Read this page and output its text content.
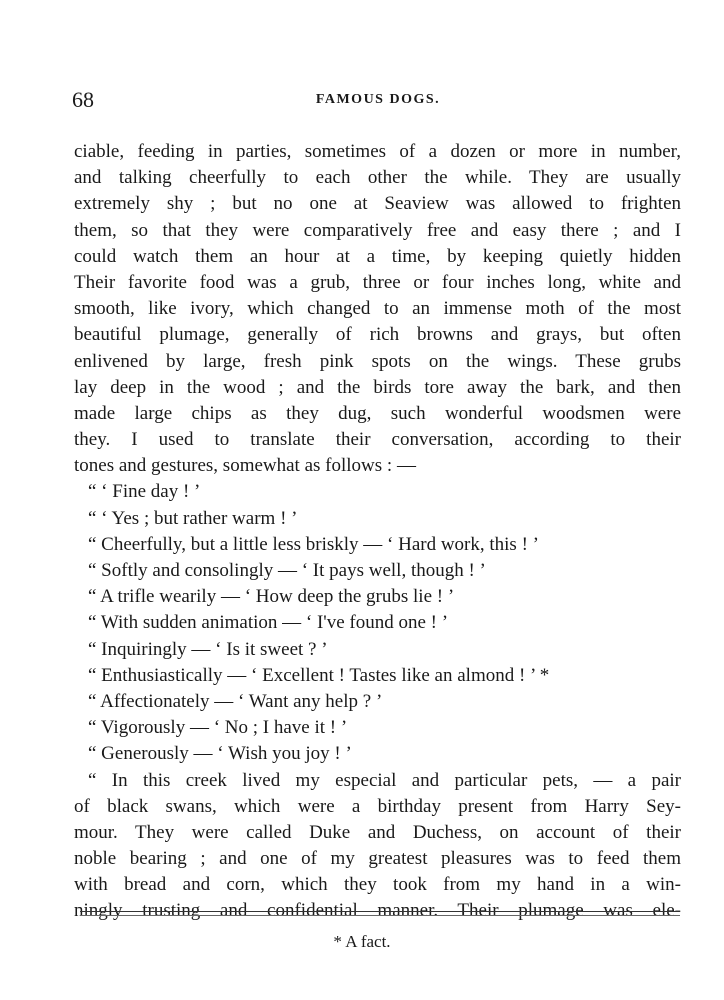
68	FAMOUS DOGS.
ciable, feeding in parties, sometimes of a dozen or more in number,
and talking cheerfully to each other the while. They are usually
extremely shy ; but no one at Seaview was allowed to frighten
them, so that they were comparatively free and easy there ; and I
could watch them an hour at a time, by keeping quietly hidden
Their favorite food was a grub, three or four inches long, white and
smooth, like ivory, which changed to an immense moth of the most
beautiful plumage, generally of rich browns and grays, but often
enlivened by large, fresh pink spots on the wings. These grubs
lay deep in the wood ; and the birds tore away the bark, and then
made large chips as they dug, such wonderful woodsmen were
they. I used to translate their conversation, according to their
tones and gestures, somewhat as follows : —
“ ‘ Fine day ! ’
“ ‘ Yes ; but rather warm ! ’
“ Cheerfully, but a little less briskly — ‘ Hard work, this ! ’
“ Softly and consolingly — ‘ It pays well, though ! ’
“ A trifle wearily — ‘ How deep the grubs lie ! ’
“ With sudden animation — ‘ I've found one ! ’
“ Inquiringly — ‘ Is it sweet ? ’
“ Enthusiastically — ‘ Excellent ! Tastes like an almond ! ’ *
“ Affectionately — ‘ Want any help ? ’
“ Vigorously — ‘ No ; I have it ! ’
“ Generously — ‘ Wish you joy ! ’
“ In this creek lived my especial and particular pets, — a pair
of black swans, which were a birthday present from Harry Sey-
mour. They were called Duke and Duchess, on account of their
noble bearing ; and one of my greatest pleasures was to feed them
with bread and corn, which they took from my hand in a win-
ningly trusting and confidential manner. Their plumage was ele-
* A fact.
